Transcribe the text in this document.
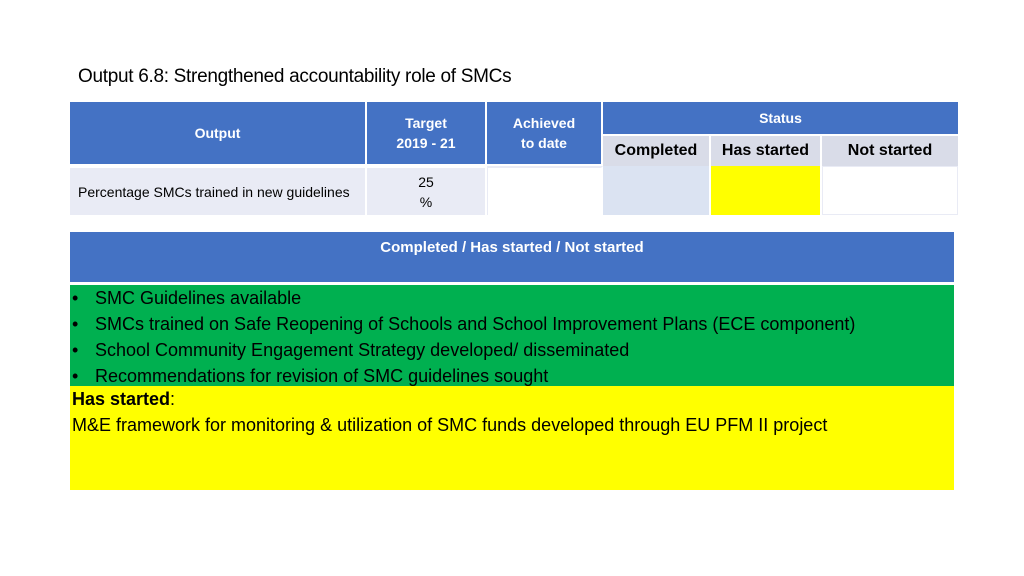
Output 6.8: Strengthened accountability role of SMCs
Output
Target
2019 - 21
Achieved
to date
Status
Completed	Has started	Not started
Percentage SMCs trained in new guidelines
25
%
Completed / Has started / Not started
• SMC Guidelines available
• SMCs trained on Safe Reopening of Schools and School Improvement Plans (ECE component)
• School Community Engagement Strategy developed/ disseminated
• Recommendations for revision of SMC guidelines sought
Has started:
M&E framework for monitoring & utilization of SMC funds developed through EU PFM II project
